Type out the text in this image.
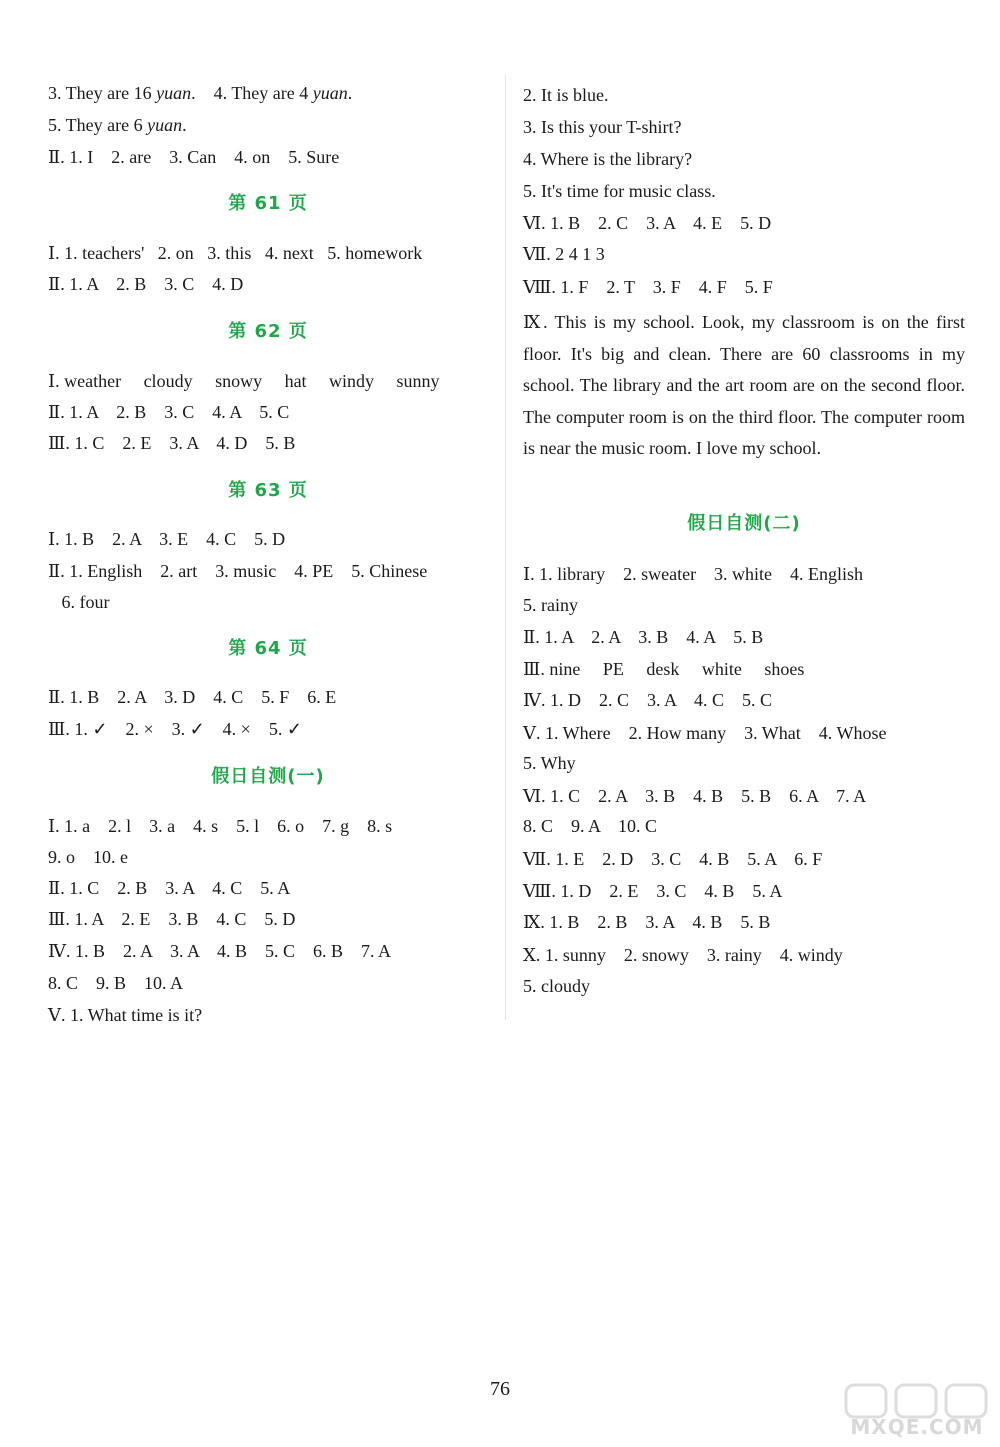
3. They are 16 yuan.    4. They are 4 yuan.
5. They are 6 yuan.
Ⅱ. 1. I    2. are    3. Can    4. on    5. Sure
第 61 页
Ⅰ. 1. teachers'   2. on   3. this   4. next   5. homework
Ⅱ. 1. A    2. B    3. C    4. D
第 62 页
Ⅰ. weather     cloudy     snowy     hat     windy     sunny
Ⅱ. 1. A    2. B    3. C    4. A    5. C
Ⅲ. 1. C    2. E    3. A    4. D    5. B
第 63 页
Ⅰ. 1. B    2. A    3. E    4. C    5. D
Ⅱ. 1. English    2. art    3. music    4. PE    5. Chinese
6. four
第 64 页
Ⅱ. 1. B    2. A    3. D    4. C    5. F    6. E
Ⅲ. 1. ✓    2. ×    3. ✓    4. ×    5. ✓
假日自测(一)
Ⅰ. 1. a    2. l    3. a    4. s    5. l    6. o    7. g    8. s
9. o    10. e
Ⅱ. 1. C    2. B    3. A    4. C    5. A
Ⅲ. 1. A    2. E    3. B    4. C    5. D
Ⅳ. 1. B    2. A    3. A    4. B    5. C    6. B    7. A
8. C    9. B    10. A
Ⅴ. 1. What time is it?
2. It is blue.
3. Is this your T-shirt?
4. Where is the library?
5. It's time for music class.
Ⅵ. 1. B    2. C    3. A    4. E    5. D
Ⅶ. 2 4 1 3
Ⅷ. 1. F    2. T    3. F    4. F    5. F
Ⅸ. This is my school. Look, my classroom is on the first floor. It's big and clean. There are 60 classrooms in my school. The library and the art room are on the second floor. The computer room is on the third floor. The computer room is near the music room. I love my school.
假日自测(二)
Ⅰ. 1. library    2. sweater    3. white    4. English
5. rainy
Ⅱ. 1. A    2. A    3. B    4. A    5. B
Ⅲ. nine     PE     desk     white     shoes
Ⅳ. 1. D    2. C    3. A    4. C    5. C
Ⅴ. 1. Where    2. How many    3. What    4. Whose
5. Why
Ⅵ. 1. C    2. A    3. B    4. B    5. B    6. A    7. A
8. C    9. A    10. C
Ⅶ. 1. E    2. D    3. C    4. B    5. A    6. F
Ⅷ. 1. D    2. E    3. C    4. B    5. A
Ⅸ. 1. B    2. B    3. A    4. B    5. B
Ⅹ. 1. sunny    2. snowy    3. rainy    4. windy
5. cloudy
76
MXQE.COM
